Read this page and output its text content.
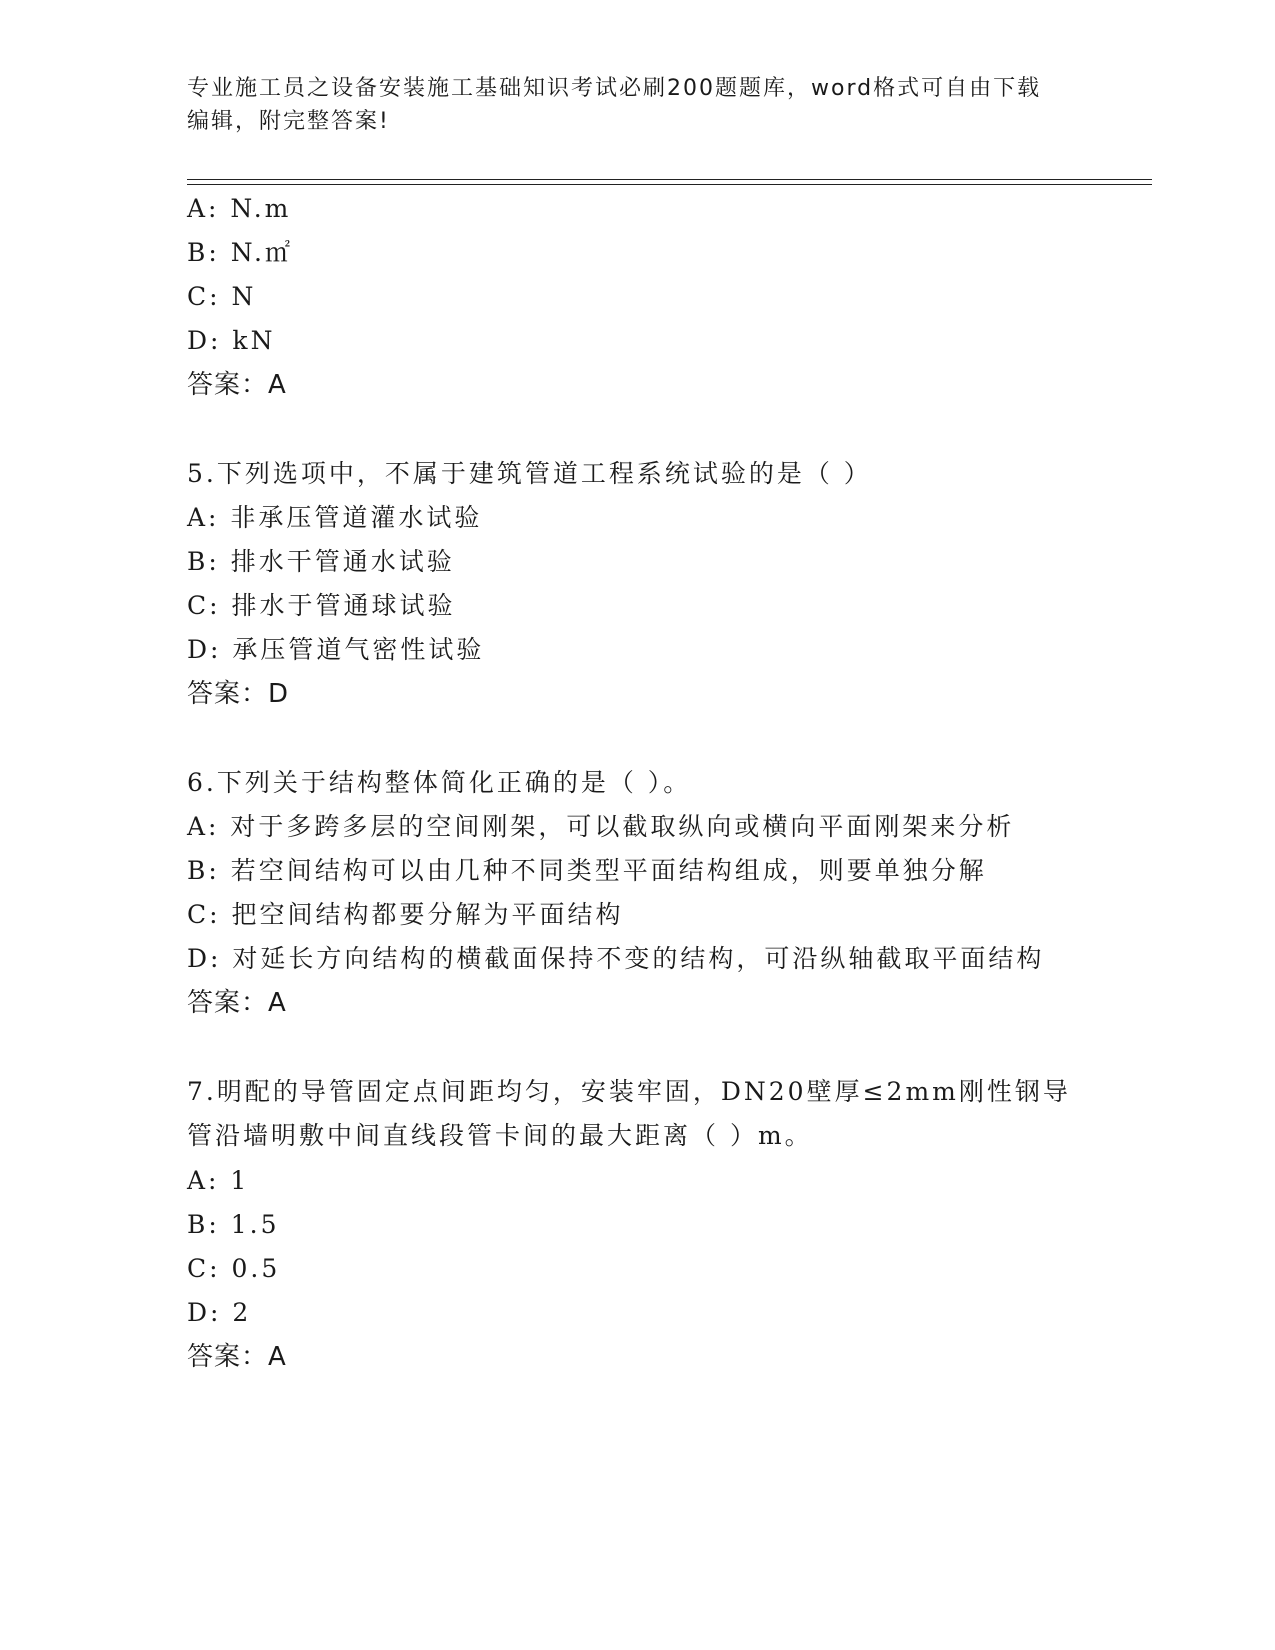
专业施工员之设备安装施工基础知识考试必刷200题题库，word格式可自由下载
编辑，附完整答案!
A: N.m
B: N.㎡
C: N
D: kN
答案：A
5.下列选项中，不属于建筑管道工程系统试验的是（ ）
A: 非承压管道灌水试验
B: 排水干管通水试验
C: 排水于管通球试验
D: 承压管道气密性试验
答案：D
6.下列关于结构整体简化正确的是（ ）。
A: 对于多跨多层的空间刚架，可以截取纵向或横向平面刚架来分析
B: 若空间结构可以由几种不同类型平面结构组成，则要单独分解
C: 把空间结构都要分解为平面结构
D: 对延长方向结构的横截面保持不变的结构，可沿纵轴截取平面结构
答案：A
7.明配的导管固定点间距均匀，安装牢固，DN20壁厚≤2mm刚性钢导
管沿墙明敷中间直线段管卡间的最大距离（ ）m。
A: 1
B: 1.5
C: 0.5
D: 2
答案：A
